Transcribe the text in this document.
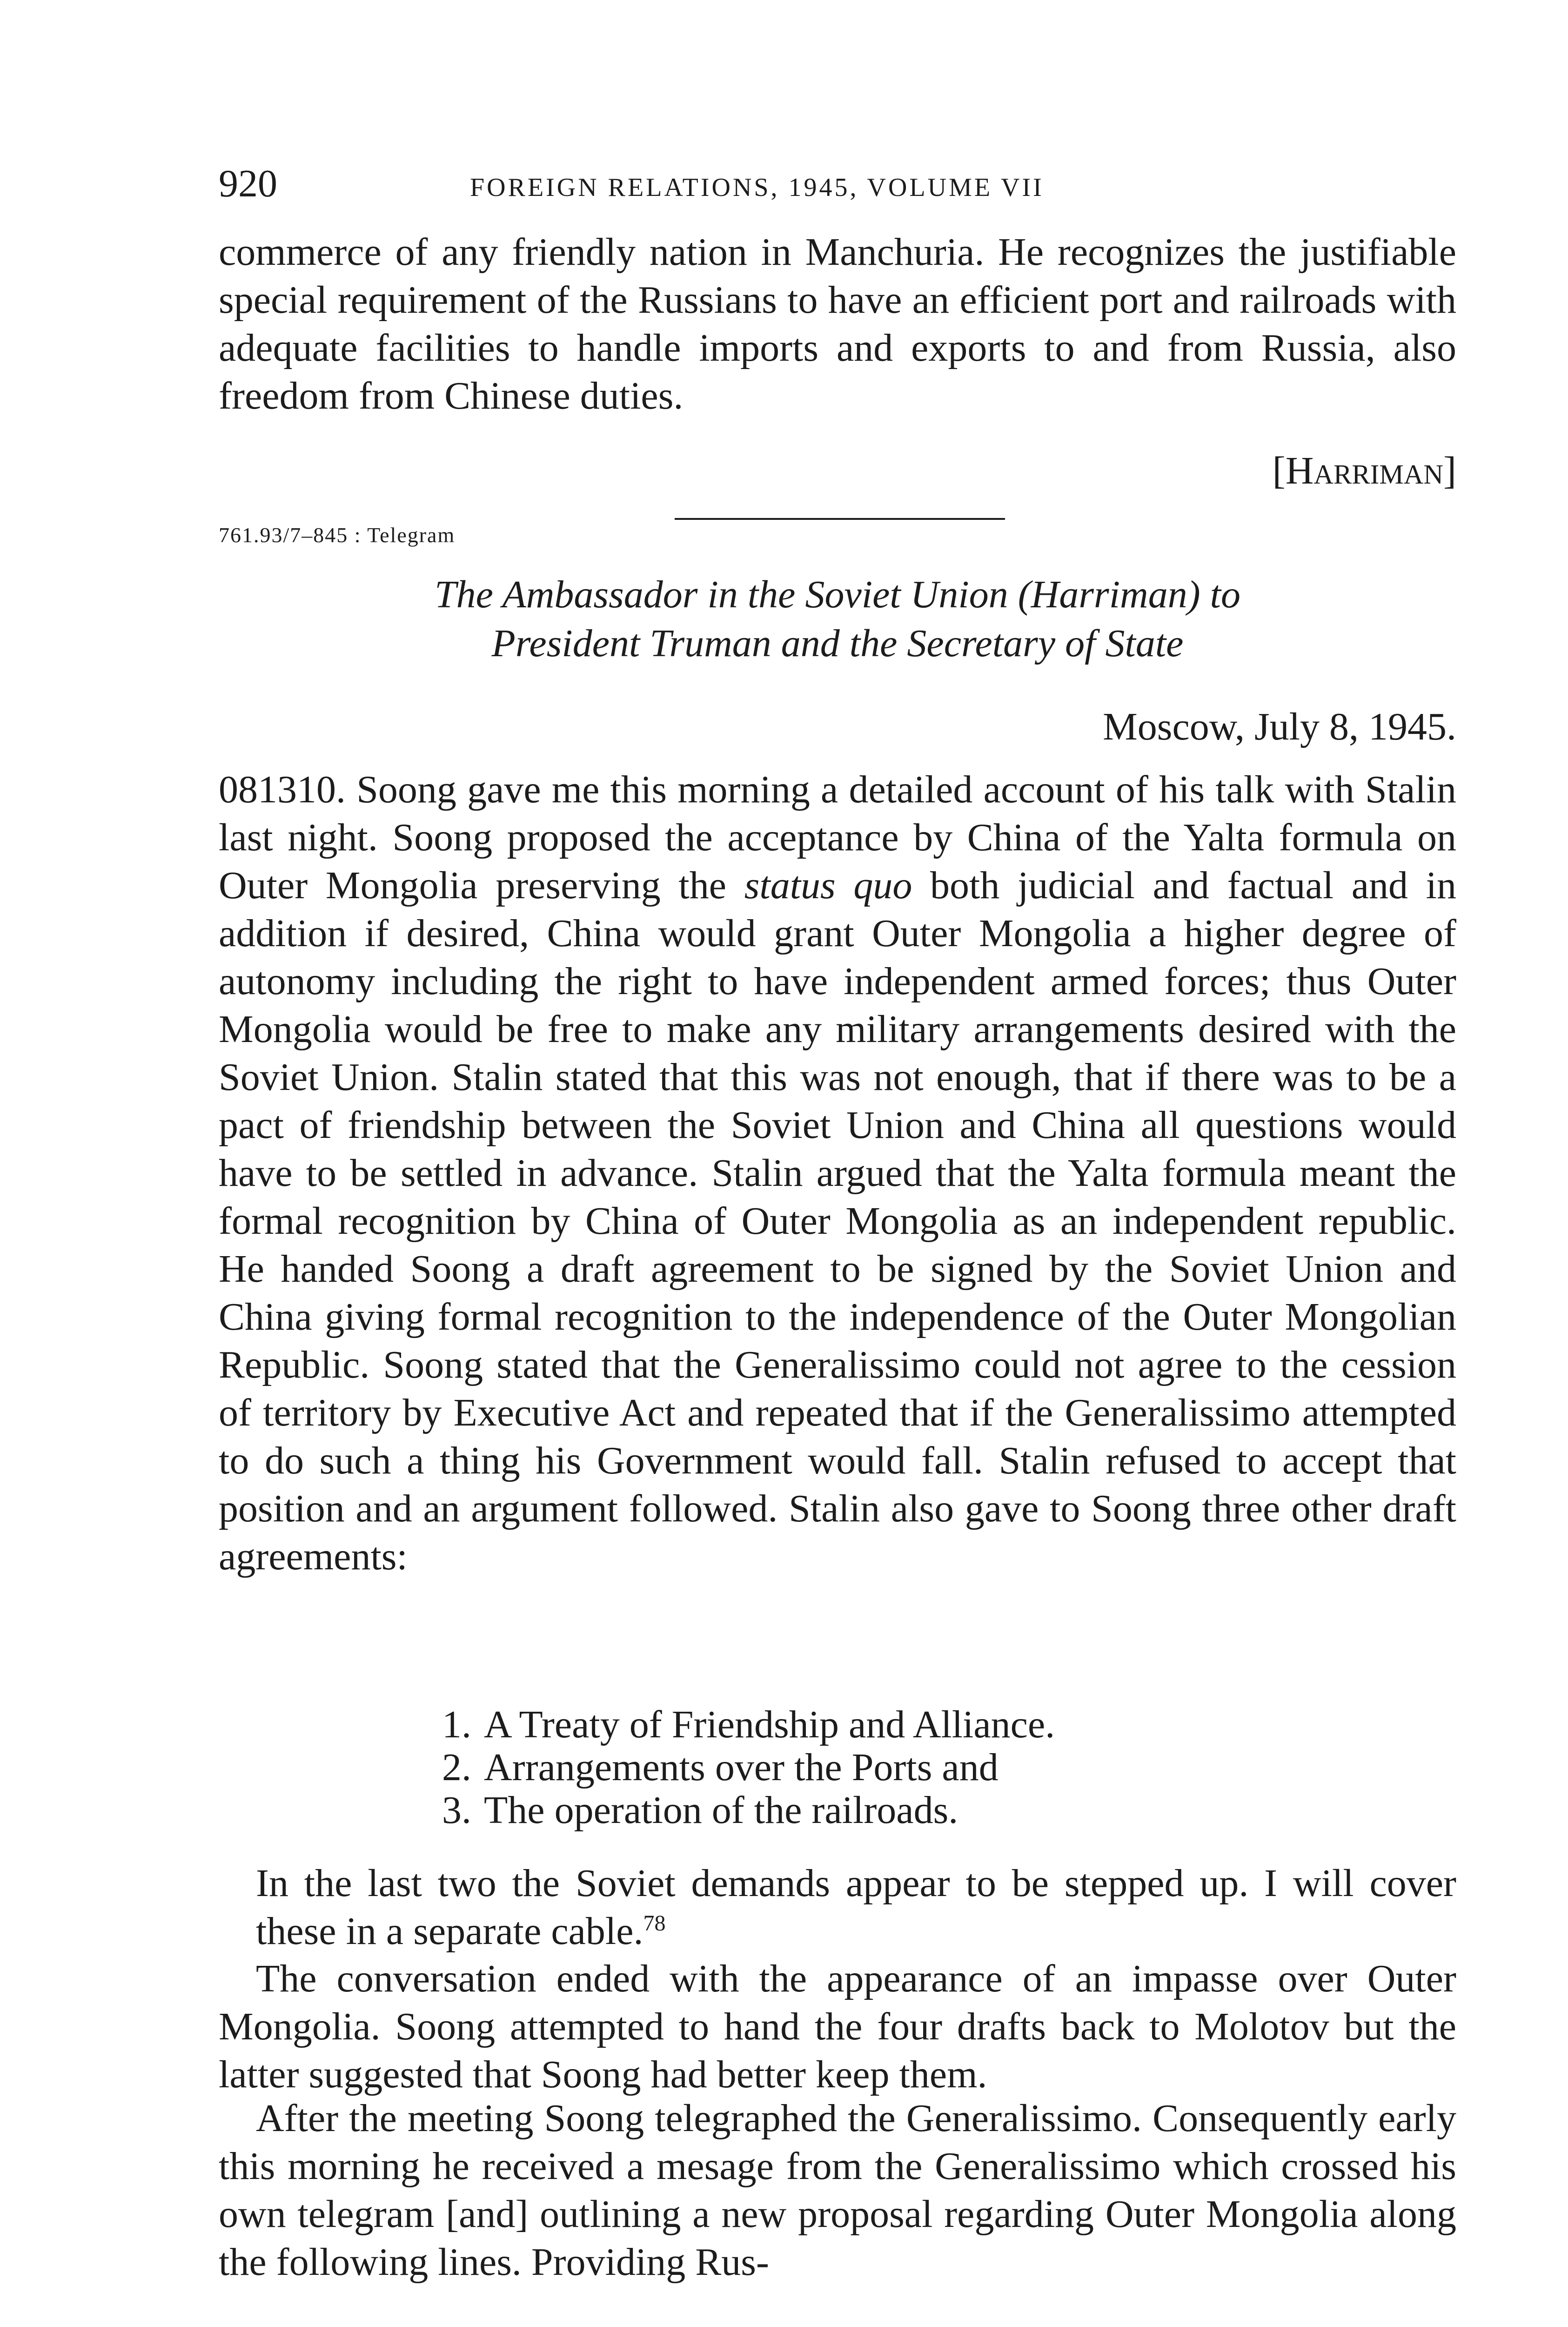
920	FOREIGN RELATIONS, 1945, VOLUME VII

commerce of any friendly nation in Manchuria. He recognizes the justifiable special requirement of the Russians to have an efficient port and railroads with adequate facilities to handle imports and exports to and from Russia, also freedom from Chinese duties.

[Harriman]
761.93/7–845 : Telegram
The Ambassador in the Soviet Union (Harriman) to
President Truman and the Secretary of State
Moscow, July 8, 1945.

081310. Soong gave me this morning a detailed account of his talk with Stalin last night. Soong proposed the acceptance by China of the Yalta formula on Outer Mongolia preserving the status quo both judicial and factual and in addition if desired, China would grant Outer Mongolia a higher degree of autonomy including the right to have independent armed forces; thus Outer Mongolia would be free to make any military arrangements desired with the Soviet Union. Stalin stated that this was not enough, that if there was to be a pact of friendship between the Soviet Union and China all questions would have to be settled in advance. Stalin argued that the Yalta formula meant the formal recognition by China of Outer Mongolia as an independent republic. He handed Soong a draft agreement to be signed by the Soviet Union and China giving formal recognition to the independence of the Outer Mongolian Republic. Soong stated that the Generalissimo could not agree to the cession of territory by Executive Act and repeated that if the Generalissimo attempted to do such a thing his Government would fall. Stalin refused to accept that position and an argument followed. Stalin also gave to Soong three other draft agreements:

1. A Treaty of Friendship and Alliance.
2. Arrangements over the Ports and
3. The operation of the railroads.

In the last two the Soviet demands appear to be stepped up. I will cover these in a separate cable.$^{78}$

The conversation ended with the appearance of an impasse over Outer Mongolia. Soong attempted to hand the four drafts back to Molotov but the latter suggested that Soong had better keep them.

After the meeting Soong telegraphed the Generalissimo. Consequently early this morning he received a mesage from the Generalissimo which crossed his own telegram [and] outlining a new proposal regarding Outer Mongolia along the following lines. Providing Rus-
